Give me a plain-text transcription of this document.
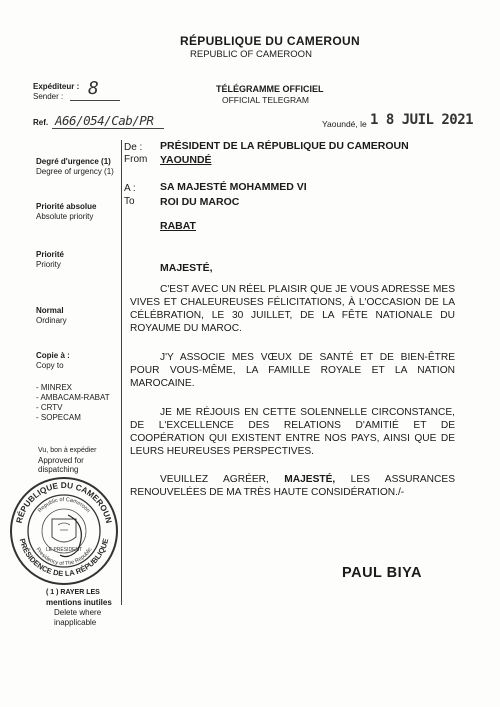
RÉPUBLIQUE DU CAMEROUN
REPUBLIC OF CAMEROON
TÉLÉGRAMME OFFICIEL
OFFICIAL TELEGRAM
Expéditeur :
Sender : 8
Ref. A66/054/Cab/PR	Yaoundé, le 1 8 JUIL 2021
Degré d'urgence (1)
Degree of urgency (1)
Priorité absolue
Absolute priority
Priorité
Priority
Normal
Ordinary
Copie à :
Copy to
- MINREX
- AMBACAM-RABAT
- CRTV
- SOPECAM
Vu, bon à expédier
Approved for
dispatching
RÉPUBLIQUE DU CAMEROUN
PRÉSIDENCE DE LA RÉPUBLIQUE
Republic of Cameroon
Presidency of The Republic
LE PRÉSIDENT
( 1 ) RAYER LES
mentions inutiles
Delete where
inapplicable
De :
From
PRÉSIDENT DE LA RÉPUBLIQUE DU CAMEROUN
YAOUNDÉ
A :
To
SA MAJESTÉ MOHAMMED VI
ROI DU MAROC
RABAT
MAJESTÉ,

C'EST AVEC UN RÉEL PLAISIR QUE JE VOUS ADRESSE MES VIVES ET CHALEUREUSES FÉLICITATIONS, À L'OCCASION DE LA CÉLÉBRATION, LE 30 JUILLET, DE LA FÊTE NATIONALE DU ROYAUME DU MAROC.

J'Y ASSOCIE MES VŒUX DE SANTÉ ET DE BIEN-ÊTRE POUR VOUS-MÊME, LA FAMILLE ROYALE ET LA NATION MAROCAINE.

JE ME RÉJOUIS EN CETTE SOLENNELLE CIRCONSTANCE, DE L'EXCELLENCE DES RELATIONS D'AMITIÉ ET DE COOPÉRATION QUI EXISTENT ENTRE NOS PAYS, AINSI QUE DE LEURS HEUREUSES PERSPECTIVES.

VEUILLEZ AGRÉER, MAJESTÉ, LES ASSURANCES RENOUVELÉES DE MA TRÈS HAUTE CONSIDÉRATION./-

PAUL BIYA
